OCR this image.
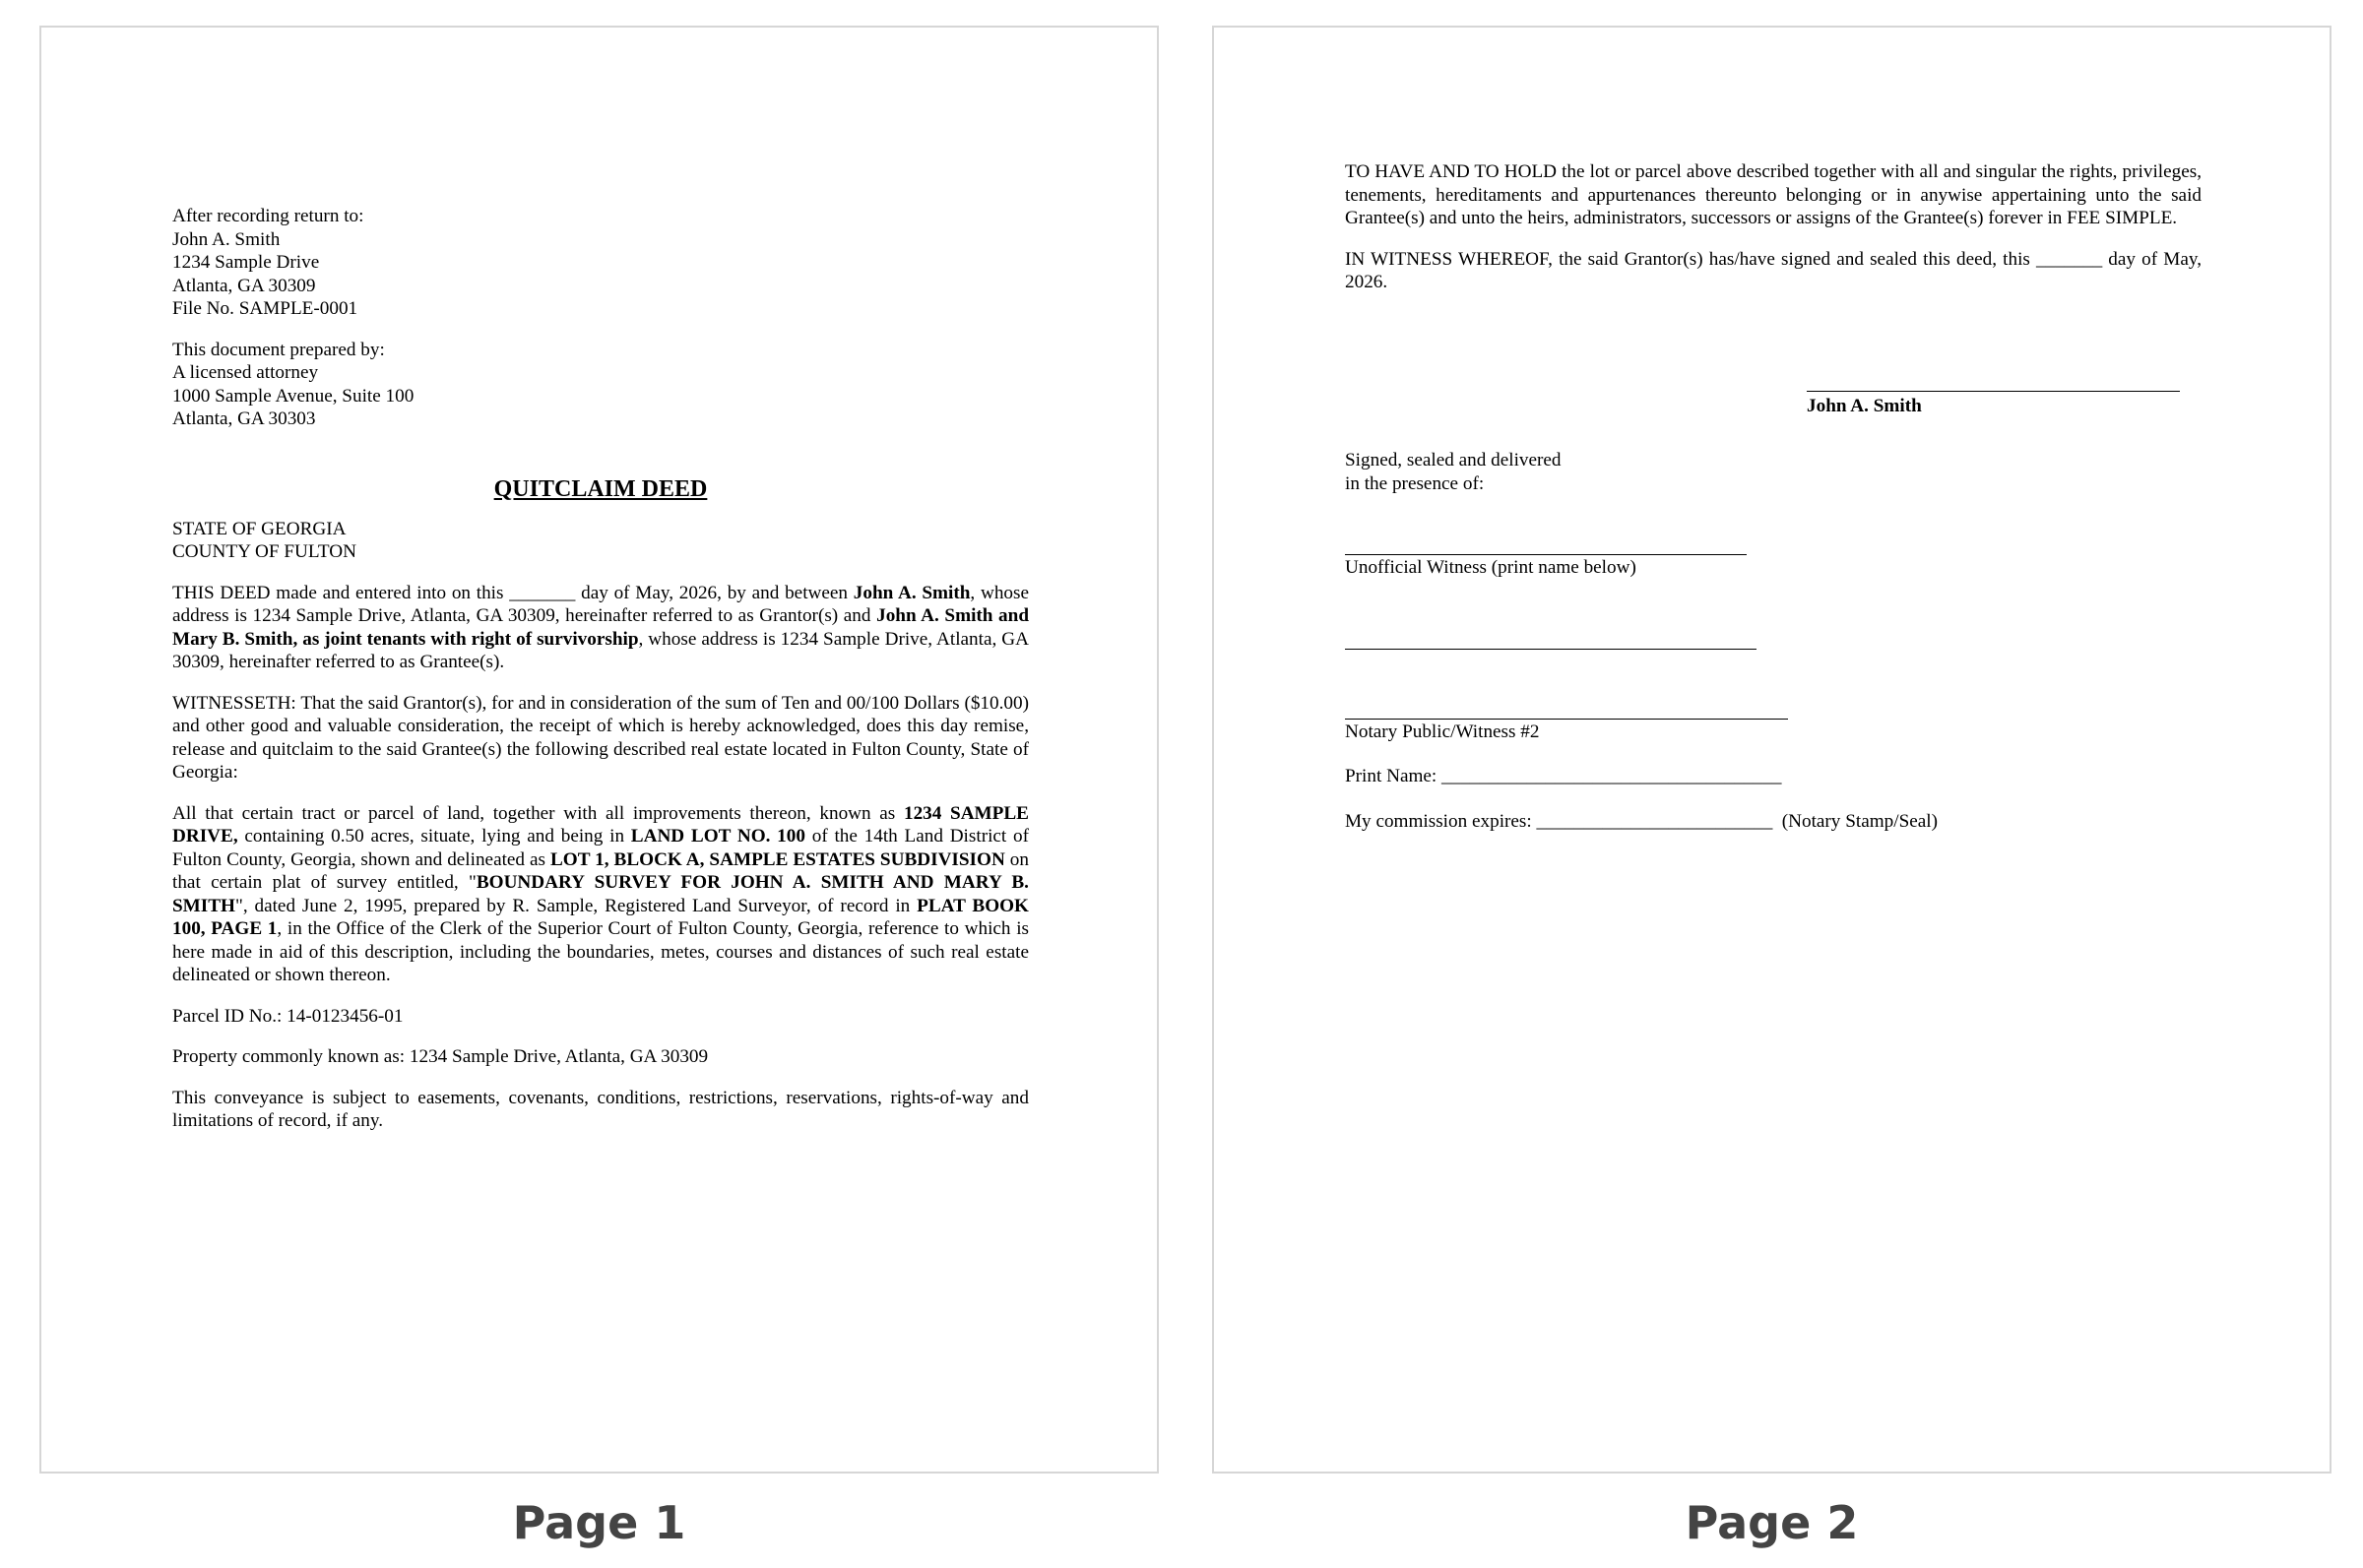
After recording return to:
John A. Smith
1234 Sample Drive
Atlanta, GA 30309
File No. SAMPLE-0001
This document prepared by:
A licensed attorney
1000 Sample Avenue, Suite 100
Atlanta, GA 30303
QUITCLAIM DEED
STATE OF GEORGIA
COUNTY OF FULTON

THIS DEED made and entered into on this _______ day of May, 2026, by and between John A. Smith, whose address is 1234 Sample Drive, Atlanta, GA 30309, hereinafter referred to as Grantor(s) and John A. Smith and Mary B. Smith, as joint tenants with right of survivorship, whose address is 1234 Sample Drive, Atlanta, GA 30309, hereinafter referred to as Grantee(s).

WITNESSETH: That the said Grantor(s), for and in consideration of the sum of Ten and 00/100 Dollars ($10.00) and other good and valuable consideration, the receipt of which is hereby acknowledged, does this day remise, release and quitclaim to the said Grantee(s) the following described real estate located in Fulton County, State of Georgia:

All that certain tract or parcel of land, together with all improvements thereon, known as 1234 SAMPLE DRIVE, containing 0.50 acres, situate, lying and being in LAND LOT NO. 100 of the 14th Land District of Fulton County, Georgia, shown and delineated as LOT 1, BLOCK A, SAMPLE ESTATES SUBDIVISION on that certain plat of survey entitled, "BOUNDARY SURVEY FOR JOHN A. SMITH AND MARY B. SMITH", dated June 2, 1995, prepared by R. Sample, Registered Land Surveyor, of record in PLAT BOOK 100, PAGE 1, in the Office of the Clerk of the Superior Court of Fulton County, Georgia, reference to which is here made in aid of this description, including the boundaries, metes, courses and distances of such real estate delineated or shown thereon.

Parcel ID No.: 14-0123456-01

Property commonly known as: 1234 Sample Drive, Atlanta, GA 30309

This conveyance is subject to easements, covenants, conditions, restrictions, reservations, rights-of-way and limitations of record, if any.

TO HAVE AND TO HOLD the lot or parcel above described together with all and singular the rights, privileges, tenements, hereditaments and appurtenances thereunto belonging or in anywise appertaining unto the said Grantee(s) and unto the heirs, administrators, successors or assigns of the Grantee(s) forever in FEE SIMPLE.

IN WITNESS WHEREOF, the said Grantor(s) has/have signed and sealed this deed, this _______ day of May, 2026.

John A. Smith
Signed, sealed and delivered
in the presence of:
Unofficial Witness (print name below)
Notary Public/Witness #2
Print Name: ____________________________________
My commission expires: _________________________ (Notary Stamp/Seal)
Page 1	Page 2
